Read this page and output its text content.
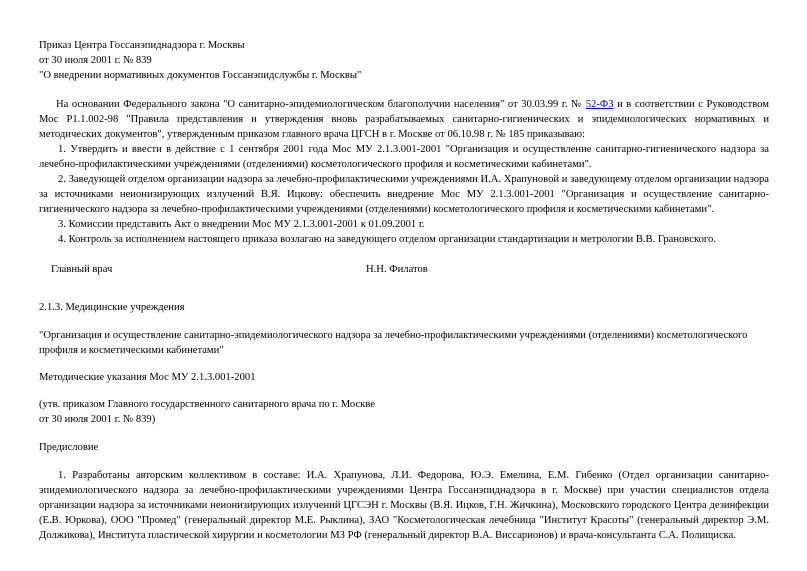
Приказ Центра Госсанэпиднадзора г. Москвы
от 30 июля 2001 г. № 839
"О внедрении нормативных документов Госсанэпидслужбы г. Москвы"

На основании Федерального закона "О санитарно-эпидемиологическом благополучии населения" от 30.03.99 г. № 52-ФЗ и в соответствии с Руководством Мос Р1.1.002-98 "Правила представления и утверждения вновь разрабатываемых санитарно-гигиенических и эпидемиологических нормативных и методических документов", утвержденным приказом главного врача ЦГСН в г. Москве от 06.10.98 г. № 185 приказываю:

1. Утвердить и ввести в действие с 1 сентября 2001 года Мос МУ 2.1.3.001-2001 "Организация и осуществление санитарно-гигиенического надзора за лечебно-профилактическими учреждениями (отделениями) косметологического профиля и косметическими кабинетами".

2. Заведующей отделом организации надзора за лечебно-профилактическими учреждениями И.А. Храпуновой и заведующему отделом организации надзора за источниками неионизирующих излучений В.Я. Ицкову: обеспечить внедрение Мос МУ 2.1.3.001-2001 "Организация и осуществление санитарно-гигиенического надзора за лечебно-профилактическими учреждениями (отделениями) косметологического профиля и косметическими кабинетами".

3. Комиссии представить Акт о внедрении Мос МУ 2.1.3.001-2001 к 01.09.2001 г.

4. Контроль за исполнением настоящего приказа возлагаю на заведующего отделом организации стандартизации и метрологии В.В. Грановского.

Главный врач	Н.Н. Филатов
2.1.3. Медицинские учреждения

"Организация и осуществление санитарно-эпидемиологического надзора за лечебно-профилактическими учреждениями (отделениями) косметологического профиля и косметическими кабинетами"

Методические указания Мос МУ 2.1.3.001-2001
(утв. приказом Главного государственного санитарного врача по г. Москве
от 30 июля 2001 г. № 839)
Предисловие

1. Разработаны авторским коллективом в составе: И.А. Храпунова, Л.И. Федорова, Ю.Э. Емелина, Е.М. Гибенко (Отдел организации санитарно-эпидемиологического надзора за лечебно-профилактическими учреждениями Центра Госсанэпиднадзора в г. Москве) при участии специалистов отдела организации надзора за источниками неионизирующих излучений ЦГСЭН г. Москвы (В.Я. Ицков, Г.Н. Жичкина), Московского городского Центра дезинфекции (Е.В. Юркова), ООО "Промед" (генеральный директор М.Е. Рыклина), ЗАО "Косметологическая лечебница "Институт Красоты" (генеральный директор Э.М. Должикова), Института пластической хирургии и косметологии МЗ РФ (генеральный директор В.А. Виссарионов) и врача-консультанта С.А. Полищиска.
